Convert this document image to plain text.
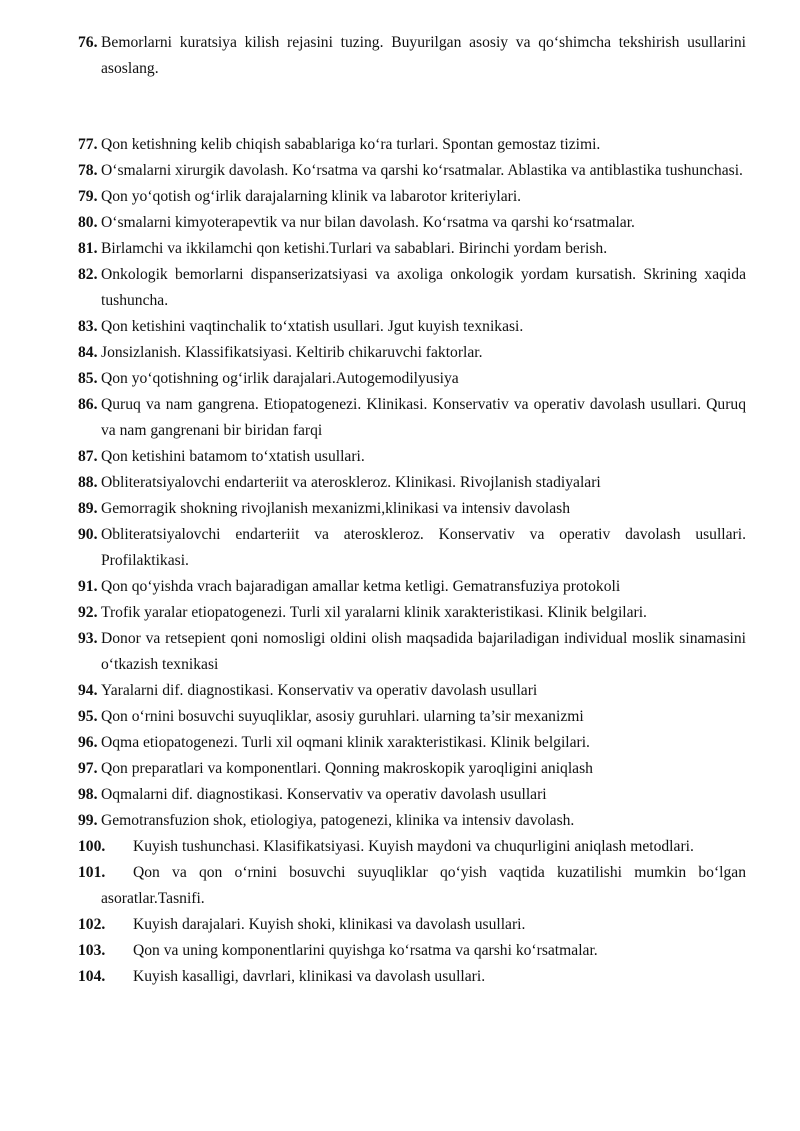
76. Bemorlarni kuratsiya kilish rejasini tuzing. Buyurilgan asosiy va qo‘shimcha tekshirish usullarini asoslang.
77. Qon ketishning kelib chiqish sabablariga ko‘ra turlari. Spontan gemostaz tizimi.
78. O‘smalarni xirurgik davolash. Ko‘rsatma va qarshi ko‘rsatmalar. Ablastika va antiblastika tushunchasi.
79. Qon yo‘qotish og‘irlik darajalarning klinik va labarotor kriteriylari.
80. O‘smalarni kimyoterapevtik va nur bilan davolash. Ko‘rsatma va qarshi ko‘rsatmalar.
81. Birlamchi va ikkilamchi qon ketishi.Turlari va sabablari. Birinchi yordam berish.
82. Onkologik bemorlarni dispanserizatsiyasi va axoliga onkologik yordam kursatish. Skrining xaqida tushuncha.
83. Qon ketishini vaqtinchalik to‘xtatish usullari. Jgut kuyish texnikasi.
84. Jonsizlanish. Klassifikatsiyasi. Keltirib chikaruvchi faktorlar.
85. Qon yo‘qotishning og‘irlik darajalari.Autogemodilyusiya
86. Quruq va nam gangrena. Etiopatogenezi. Klinikasi. Konservativ va operativ davolash usullari. Quruq va nam gangrenani bir biridan farqi
87. Qon ketishini batamom to‘xtatish usullari.
88. Obliteratsiyalovchi endarteriit va ateroskleroz. Klinikasi. Rivojlanish stadiyalari
89. Gemorragik shokning rivojlanish mexanizmi,klinikasi va intensiv davolash
90. Obliteratsiyalovchi endarteriit va ateroskleroz. Konservativ va operativ davolash usullari. Profilaktikasi.
91. Qon qo‘yishda vrach bajaradigan amallar ketma ketligi. Gematransfuziya protokoli
92. Trofik yaralar etiopatogenezi. Turli xil yaralarni klinik xarakteristikasi. Klinik belgilari.
93. Donor va retsepient qoni nomosligi oldini olish maqsadida bajariladigan individual moslik sinamasini o‘tkazish texnikasi
94. Yaralarni dif. diagnostikasi. Konservativ va operativ davolash usullari
95. Qon o‘rnini bosuvchi suyuqliklar, asosiy guruhlari. ularning ta’sir mexanizmi
96. Oqma etiopatogenezi. Turli xil oqmani klinik xarakteristikasi. Klinik belgilari.
97. Qon preparatlari va komponentlari. Qonning makroskopik yaroqligini aniqlash
98. Oqmalarni dif. diagnostikasi. Konservativ va operativ davolash usullari
99. Gemotransfuzion shok, etiologiya, patogenezi, klinika va intensiv davolash.
100.	Kuyish tushunchasi. Klasifikatsiyasi. Kuyish maydoni va chuqurligini aniqlash metodlari.
101.	Qon va qon o‘rnini bosuvchi suyuqliklar qo‘yish vaqtida kuzatilishi mumkin bo‘lgan asoratlar.Tasnifi.
102.	Kuyish darajalari. Kuyish shoki, klinikasi va davolash usullari.
103.	Qon va uning komponentlarini quyishga ko‘rsatma va qarshi ko‘rsatmalar.
104.	Kuyish kasalligi, davrlari, klinikasi va davolash usullari.
